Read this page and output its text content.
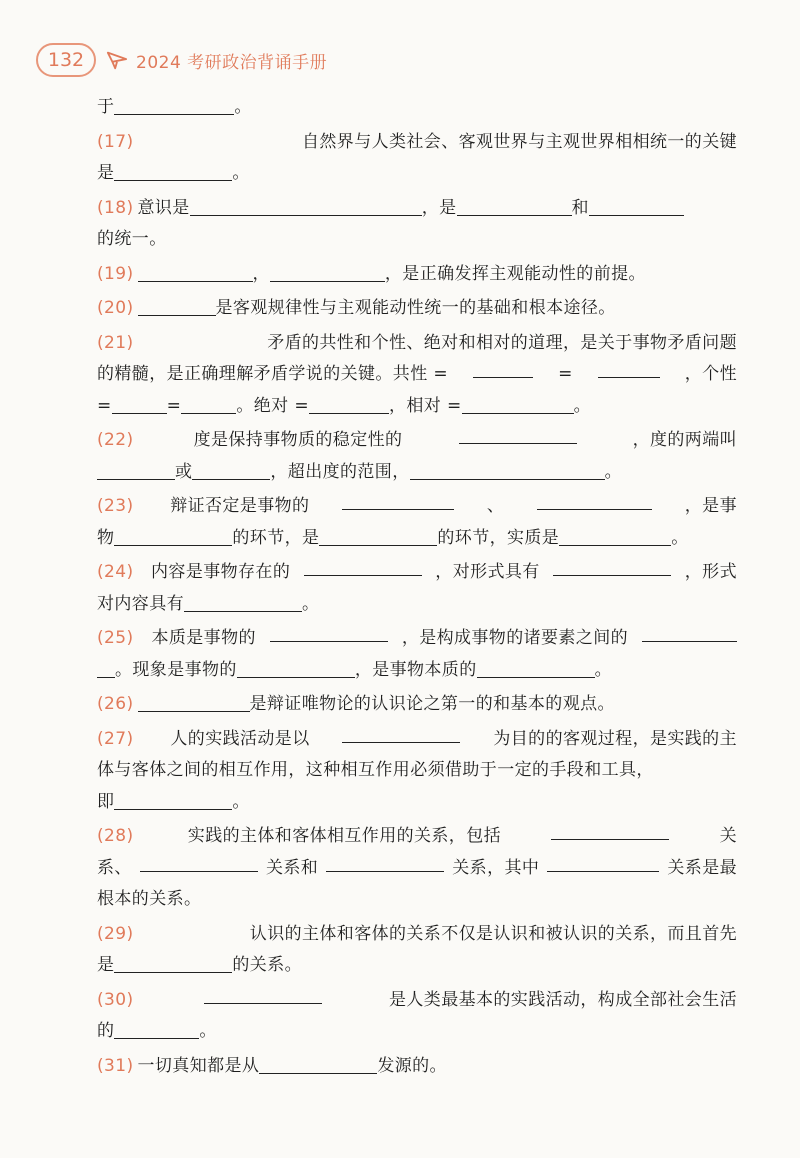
132	2024 考研政治背诵手册
于	。
(17)	自然界与人类社会、客观世界与主观世界相相统一的关键
是	。
(18) 意识是	，是	和
的统一。
(19)	，	，是正确发挥主观能动性的前提。
(20)	是客观规律性与主观能动性统一的基础和根本途径。
(21)	矛盾的共性和个性、绝对和相对的道理，是关于事物矛盾问题
的精髓，是正确理解矛盾学说的关键。共性 =	=	，个性
=	=	。绝对 =	，相对 =	。
(22)	度是保持事物质的稳定性的	，度的两端叫
或	，超出度的范围，	。
(23) 辩证否定是事物的	、	，是事
物	的环节，是	的环节，实质是	。
(24) 内容是事物存在的	，对形式具有	，形式
对内容具有	。
(25) 本质是事物的	，是构成事物的诸要素之间的
。现象是事物的	，是事物本质的	。
(26)	是辩证唯物论的认识论之第一的和基本的观点。
(27) 人的实践活动是以	为目的的客观过程，是实践的主
体与客体之间的相互作用，这种相互作用必须借助于一定的手段和工具，
即	。
(28)	实践的主体和客体相互作用的关系，包括	关
系、	关系和	关系，其中	关系是最
根本的关系。
(29)	认识的主体和客体的关系不仅是认识和被认识的关系，而且首先
是	的关系。
(30)	是人类最基本的实践活动，构成全部社会生活
的	。
(31) 一切真知都是从	发源的。
